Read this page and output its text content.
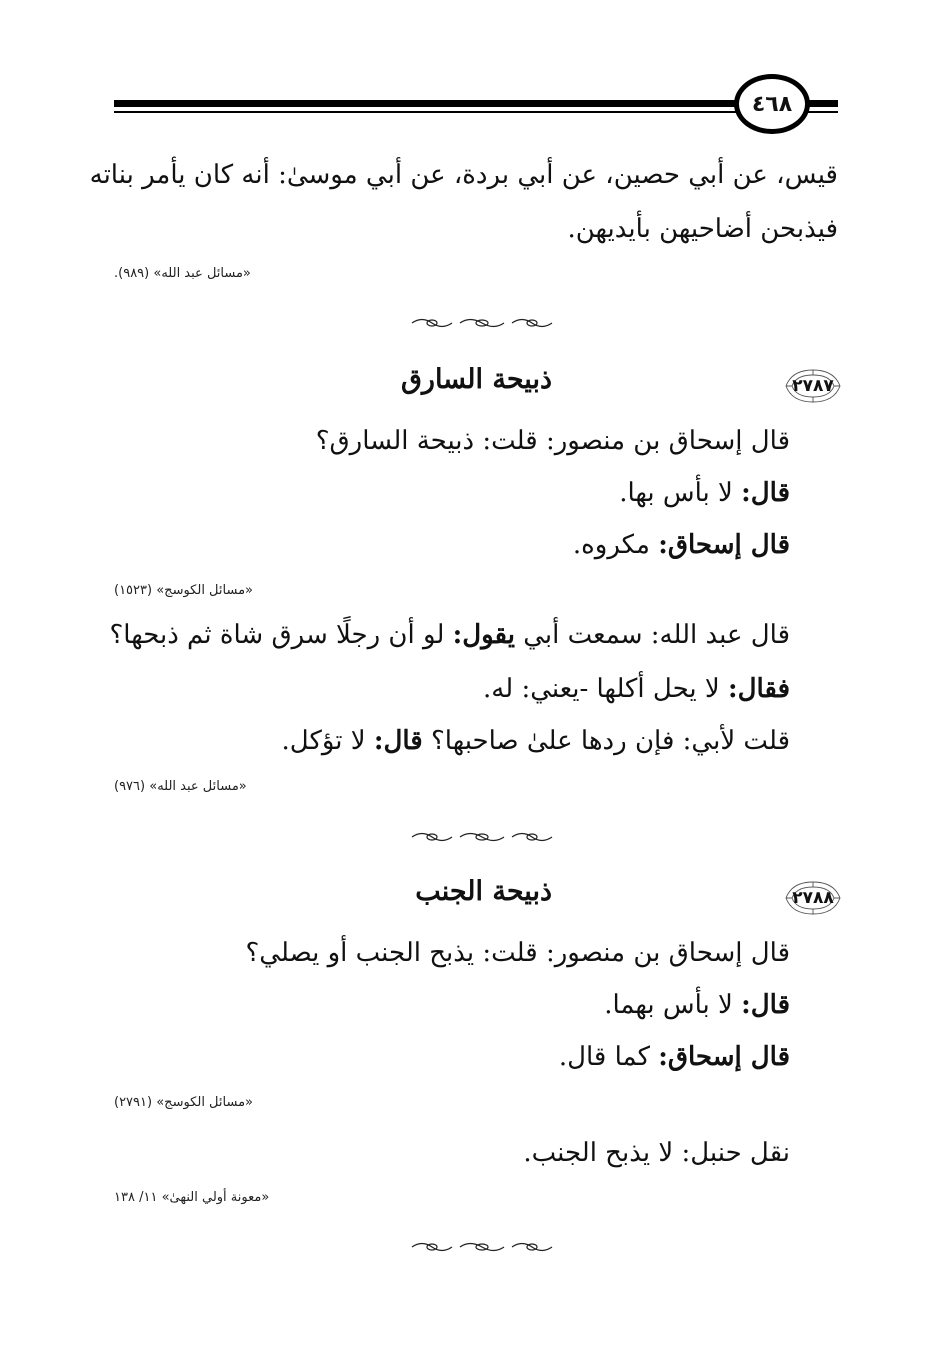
٤٦٨
قيس، عن أبي حصين، عن أبي بردة، عن أبي موسىٰ: أنه كان يأمر بناته
فيذبحن أضاحيهن بأيديهن.
«مسائل عبد الله» (٩٨٩).
٢٧٨٧
ذبيحة السارق
قال إسحاق بن منصور: قلت: ذبيحة السارق؟
قال: لا بأس بها.
قال إسحاق: مكروه.
«مسائل الكوسج» (١٥٢٣)
قال عبد الله: سمعت أبي يقول: لو أن رجلًا سرق شاة ثم ذبحها؟
فقال: لا يحل أكلها -يعني: له.
قلت لأبي: فإن ردها علىٰ صاحبها؟ قال: لا تؤكل.
«مسائل عبد الله» (٩٧٦)
٢٧٨٨
ذبيحة الجنب
قال إسحاق بن منصور: قلت: يذبح الجنب أو يصلي؟
قال: لا بأس بهما.
قال إسحاق: كما قال.
«مسائل الكوسج» (٢٧٩١)
نقل حنبل: لا يذبح الجنب.
«معونة أولي النهىٰ» ١١/ ١٣٨
